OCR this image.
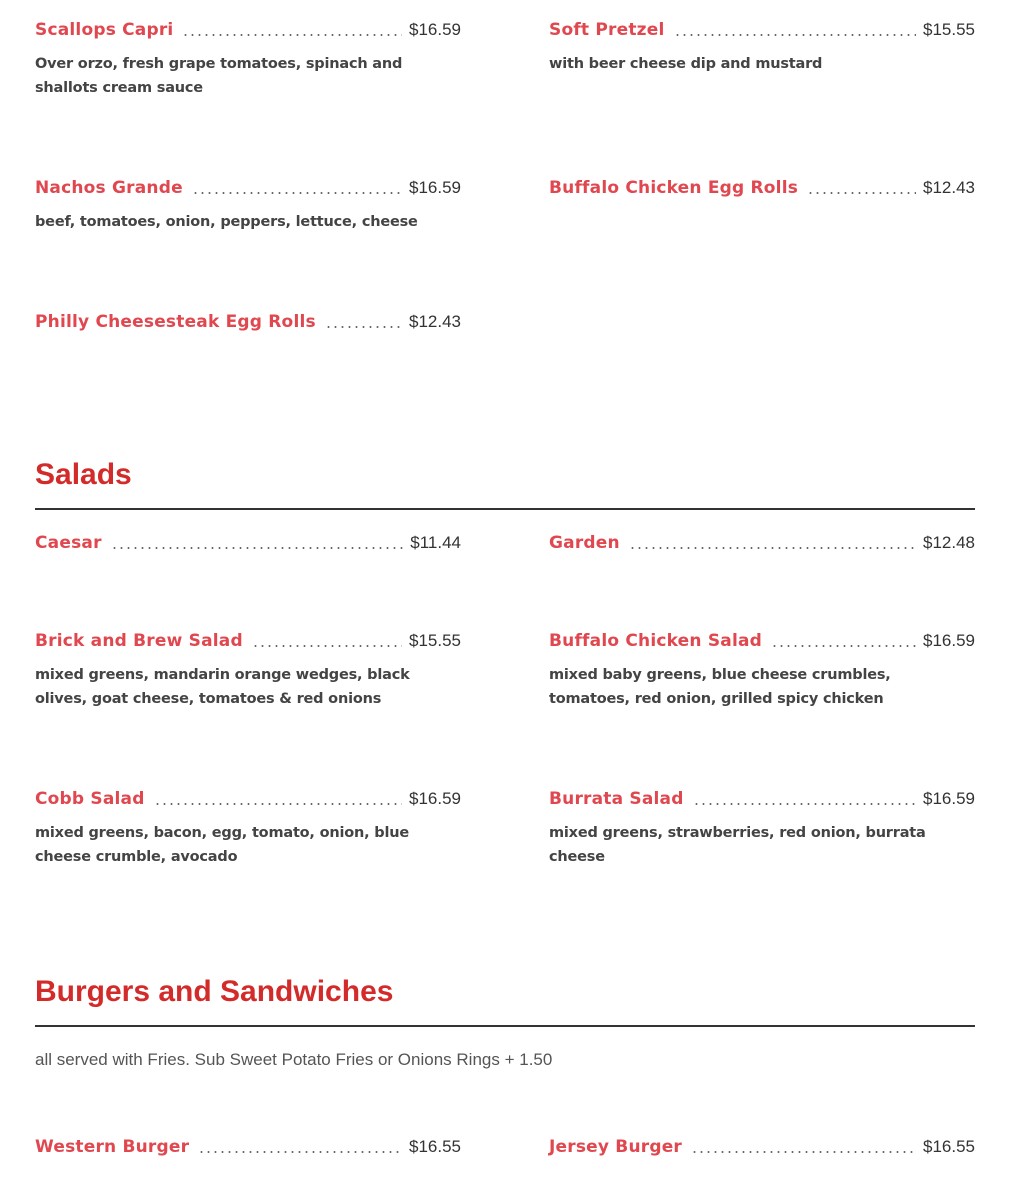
Scallops Capri	$16.59
Over orzo, fresh grape tomatoes, spinach and shallots cream sauce
Soft Pretzel	$15.55
with beer cheese dip and mustard
Nachos Grande	$16.59
beef, tomatoes, onion, peppers, lettuce, cheese
Buffalo Chicken Egg Rolls	$12.43
Philly Cheesesteak Egg Rolls	$12.43
Salads
Caesar	$11.44	Garden	$12.48
Brick and Brew Salad	$15.55
mixed greens, mandarin orange wedges, black olives, goat cheese, tomatoes & red onions
Buffalo Chicken Salad	$16.59
mixed baby greens, blue cheese crumbles, tomatoes, red onion, grilled spicy chicken
Cobb Salad	$16.59
mixed greens, bacon, egg, tomato, onion, blue cheese crumble, avocado
Burrata Salad	$16.59
mixed greens, strawberries, red onion, burrata cheese
Burgers and Sandwiches
all served with Fries. Sub Sweet Potato Fries or Onions Rings + 1.50
Western Burger	$16.55	Jersey Burger	$16.55
